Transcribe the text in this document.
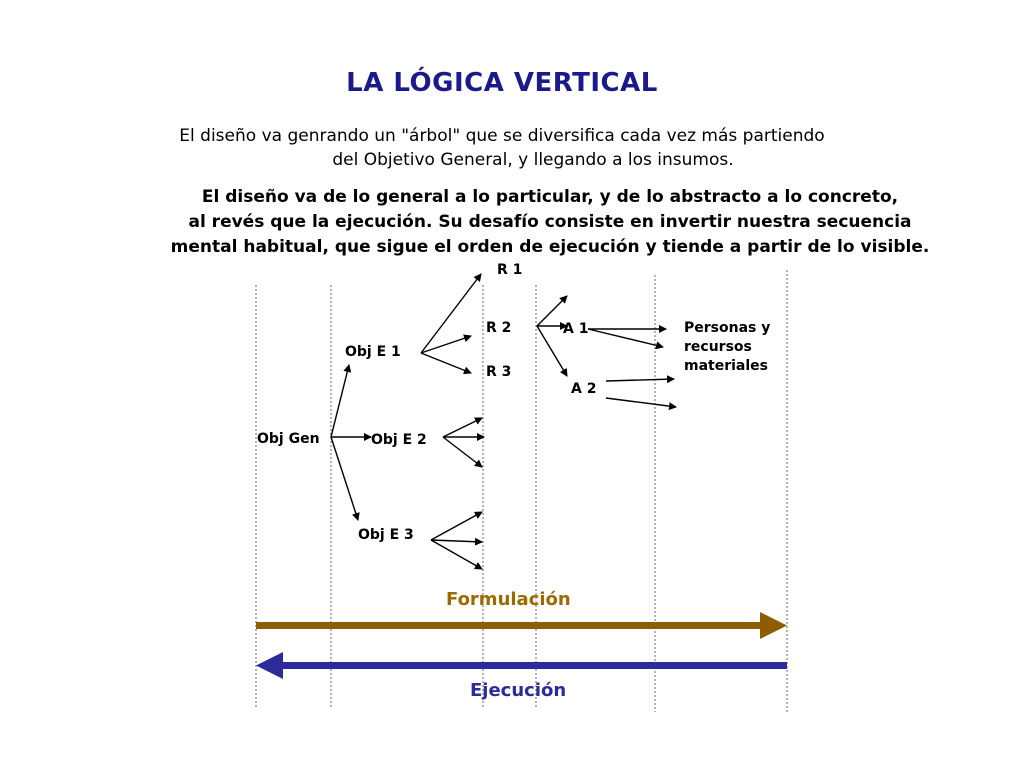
LA LÓGICA VERTICAL
El diseño va genrando un "árbol" que se diversifica cada vez más partiendo
del Objetivo General, y llegando a los insumos.
El diseño va de lo general a lo particular, y de lo abstracto a lo concreto,
al revés que la ejecución. Su desafío consiste en invertir nuestra secuencia
mental habitual, que sigue el orden de ejecución y tiende a partir de lo visible.
Obj Gen
Obj E 1
Obj E 2
Obj E 3
R 1
R 2
R 3
A 1
A 2
Personas y
recursos
materiales
Formulación
Ejecución
